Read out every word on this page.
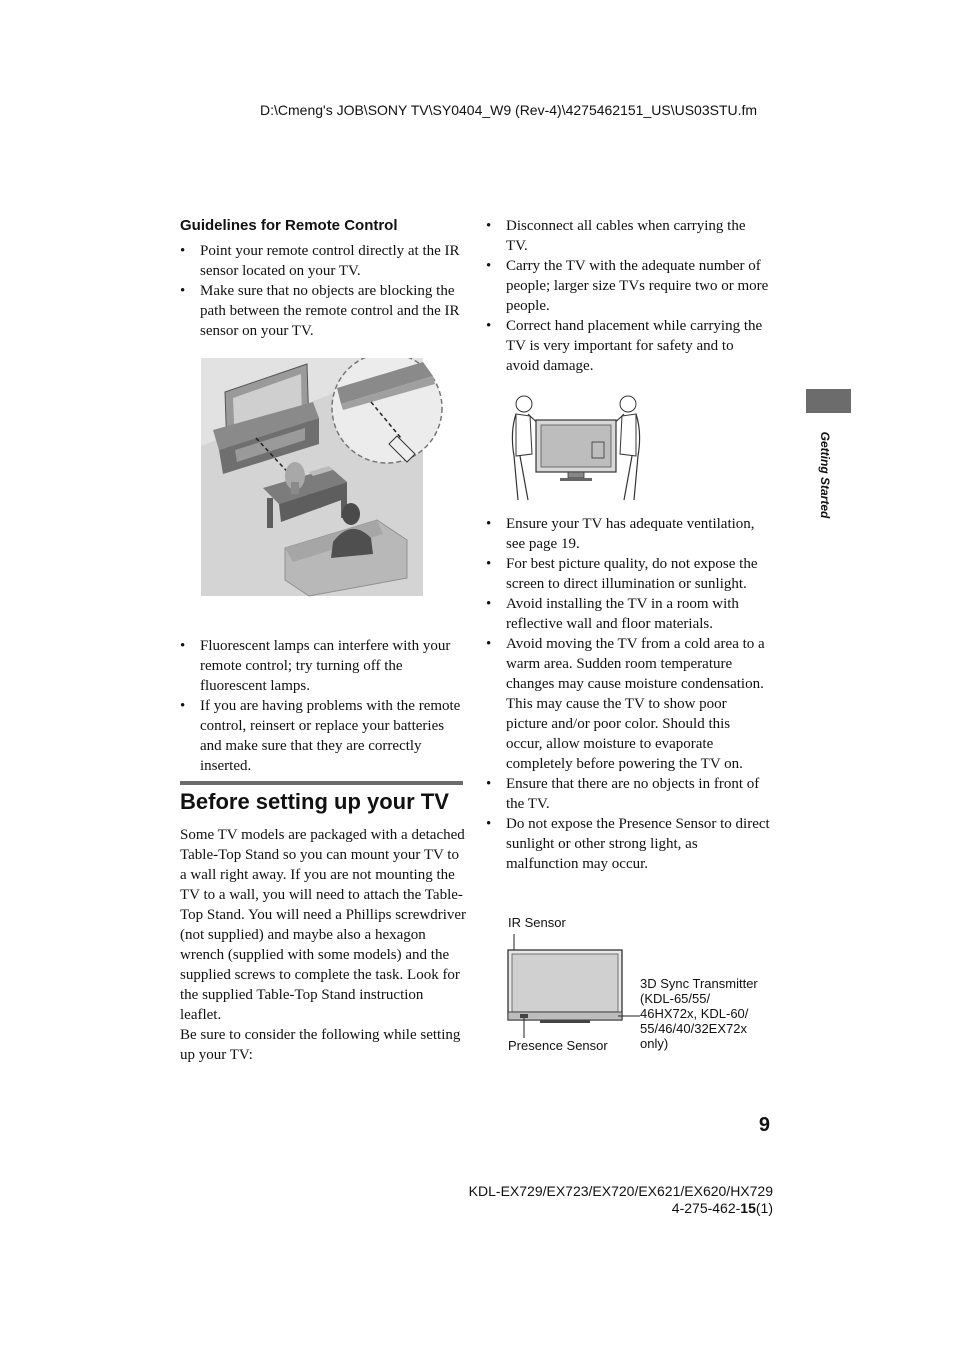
D:\Cmeng's JOB\SONY TV\SY0404_W9 (Rev-4)\4275462151_US\US03STU.fm
Guidelines for Remote Control
• Point your remote control directly at the IR sensor located on your TV.
• Make sure that no objects are blocking the path between the remote control and the IR sensor on your TV.
• Fluorescent lamps can interfere with your remote control; try turning off the fluorescent lamps.
• If you are having problems with the remote control, reinsert or replace your batteries and make sure that they are correctly inserted.
Before setting up your TV

Some TV models are packaged with a detached Table-Top Stand so you can mount your TV to a wall right away. If you are not mounting the TV to a wall, you will need to attach the Table-Top Stand. You will need a Phillips screwdriver (not supplied) and maybe also a hexagon wrench (supplied with some models) and the supplied screws to complete the task. Look for the supplied Table-Top Stand instruction leaflet.

Be sure to consider the following while setting up your TV:

• Disconnect all cables when carrying the TV.
• Carry the TV with the adequate number of people; larger size TVs require two or more people.
• Correct hand placement while carrying the TV is very important for safety and to avoid damage.
• Ensure your TV has adequate ventilation, see page 19.
• For best picture quality, do not expose the screen to direct illumination or sunlight.
• Avoid installing the TV in a room with reflective wall and floor materials.
• Avoid moving the TV from a cold area to a warm area. Sudden room temperature changes may cause moisture condensation. This may cause the TV to show poor picture and/or poor color. Should this occur, allow moisture to evaporate completely before powering the TV on.
• Ensure that there are no objects in front of the TV.
• Do not expose the Presence Sensor to direct sunlight or other strong light, as malfunction may occur.
IR Sensor
3D Sync Transmitter
(KDL-65/55/
46HX72x, KDL-60/
55/46/40/32EX72x
only)
Presence Sensor
Getting Started
9
KDL-EX729/EX723/EX720/EX621/EX620/HX729
4-275-462-15(1)
